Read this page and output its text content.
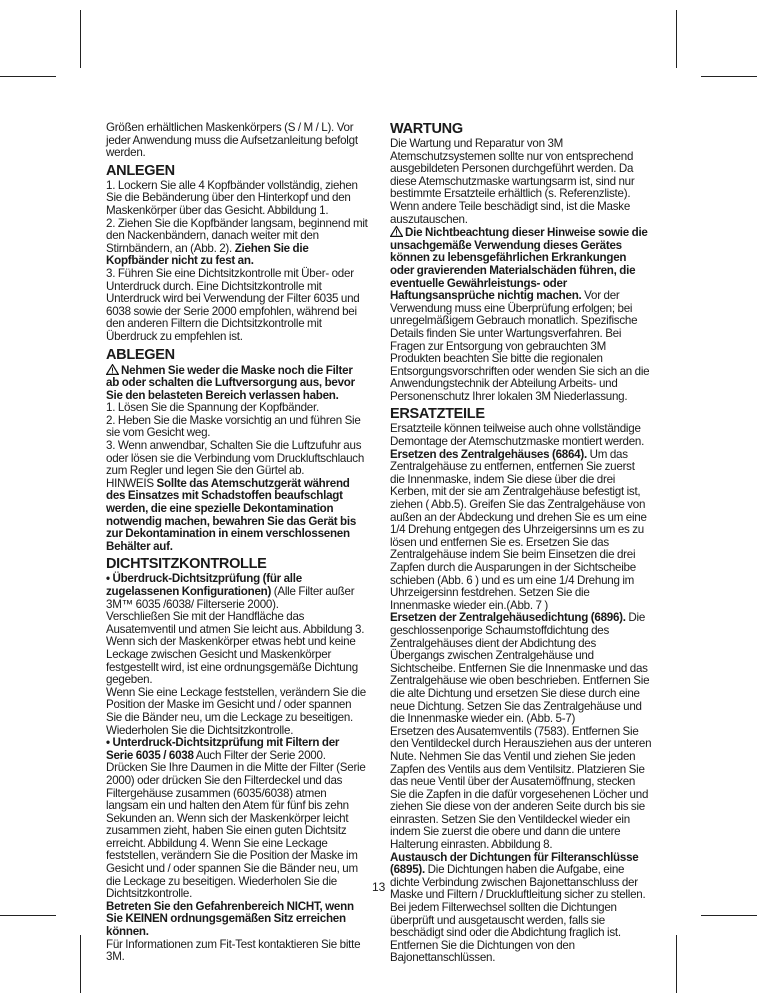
Größen erhältlichen Maskenkörpers (S / M / L). Vor jeder Anwendung muss die Aufsetzanleitung befolgt werden.

ANLEGEN

1. Lockern Sie alle 4 Kopfbänder vollständig, ziehen Sie die Bebänderung über den Hinterkopf und den Maskenkörper über das Gesicht. Abbildung 1.

2. Ziehen Sie die Kopfbänder langsam, beginnend mit den Nackenbändern, danach weiter mit den Stirnbändern, an (Abb. 2). Ziehen Sie die Kopfbänder nicht zu fest an.

3. Führen Sie eine Dichtsitzkontrolle mit Über- oder Unterdruck durch. Eine Dichtsitzkontrolle mit Unterdruck wird bei Verwendung der Filter 6035 und 6038 sowie der Serie 2000 empfohlen, während bei den anderen Filtern die Dichtsitzkontrolle mit Überdruck zu empfehlen ist.

ABLEGEN

Nehmen Sie weder die Maske noch die Filter ab oder schalten die Luftversorgung aus, bevor Sie den belasteten Bereich verlassen haben.

1. Lösen Sie die Spannung der Kopfbänder.

2. Heben Sie die Maske vorsichtig an und führen Sie sie vom Gesicht weg.

3. Wenn anwendbar, Schalten Sie die Luftzufuhr aus oder lösen sie die Verbindung vom Druckluftschlauch zum Regler und legen Sie den Gürtel ab.

HINWEIS Sollte das Atemschutzgerät während des Einsatzes mit Schadstoffen beaufschlagt werden, die eine spezielle Dekontamination notwendig machen, bewahren Sie das Gerät bis zur Dekontamination in einem verschlossenen Behälter auf.

DICHTSITZKONTROLLE

• Überdruck-Dichtsitzprüfung (für alle zugelassenen Konfigurationen) (Alle Filter außer 3M™ 6035 /6038/ Filterserie 2000).

Verschließen Sie mit der Handfläche das Ausatemventil und atmen Sie leicht aus. Abbildung 3.

Wenn sich der Maskenkörper etwas hebt und keine Leckage zwischen Gesicht und Maskenkörper festgestellt wird, ist eine ordnungsgemäße Dichtung gegeben.

Wenn Sie eine Leckage feststellen, verändern Sie die Position der Maske im Gesicht und / oder spannen Sie die Bänder neu, um die Leckage zu beseitigen.

Wiederholen Sie die Dichtsitzkontrolle.

• Unterdruck-Dichtsitzprüfung mit Filtern der Serie 6035 / 6038 Auch Filter der Serie 2000.

Drücken Sie Ihre Daumen in die Mitte der Filter (Serie 2000) oder drücken Sie den Filterdeckel und das Filtergehäuse zusammen (6035/6038) atmen langsam ein und halten den Atem für fünf bis zehn Sekunden an. Wenn sich der Maskenkörper leicht zusammen zieht, haben Sie einen guten Dichtsitz erreicht. Abbildung 4. Wenn Sie eine Leckage feststellen, verändern Sie die Position der Maske im Gesicht und / oder spannen Sie die Bänder neu, um die Leckage zu beseitigen. Wiederholen Sie die Dichtsitzkontrolle.

Betreten Sie den Gefahrenbereich NICHT, wenn Sie KEINEN ordnungsgemäßen Sitz erreichen können.

Für Informationen zum Fit-Test kontaktieren Sie bitte 3M.

WARTUNG

Die Wartung und Reparatur von 3M Atemschutzsystemen sollte nur von entsprechend ausgebildeten Personen durchgeführt werden. Da diese Atemschutzmaske wartungsarm ist, sind nur bestimmte Ersatzteile erhältlich (s. Referenzliste). Wenn andere Teile beschädigt sind, ist die Maske auszutauschen.

Die Nichtbeachtung dieser Hinweise sowie die unsachgemäße Verwendung dieses Gerätes können zu lebensgefährlichen Erkrankungen oder gravierenden Materialschäden führen, die eventuelle Gewährleistungs- oder Haftungsansprüche nichtig machen. Vor der Verwendung muss eine Überprüfung erfolgen; bei unregelmäßigem Gebrauch monatlich. Spezifische Details finden Sie unter Wartungsverfahren. Bei Fragen zur Entsorgung von gebrauchten 3M Produkten beachten Sie bitte die regionalen Entsorgungsvorschriften oder wenden Sie sich an die Anwendungstechnik der Abteilung Arbeits- und Personenschutz Ihrer lokalen 3M Niederlassung.

ERSATZTEILE

Ersatzteile können teilweise auch ohne vollständige Demontage der Atemschutzmaske montiert werden.

Ersetzen des Zentralgehäuses (6864). Um das Zentralgehäuse zu entfernen, entfernen Sie zuerst die Innenmaske, indem Sie diese über die drei Kerben, mit der sie am Zentralgehäuse befestigt ist, ziehen ( Abb.5). Greifen Sie das Zentralgehäuse von außen an der Abdeckung und drehen Sie es um eine 1/4 Drehung entgegen des Uhrzeigersinns um es zu lösen und entfernen Sie es. Ersetzen Sie das Zentralgehäuse indem Sie beim Einsetzen die drei Zapfen durch die Ausparungen in der Sichtscheibe schieben (Abb. 6 ) und es um eine 1/4 Drehung im Uhrzeigersinn festdrehen. Setzen Sie die Innenmaske wieder ein.(Abb. 7 )

Ersetzen der Zentralgehäusedichtung (6896). Die geschlossenporige Schaumstoffdichtung des Zentralgehäuses dient der Abdichtung des Übergangs zwischen Zentralgehäuse und Sichtscheibe. Entfernen Sie die Innenmaske und das Zentralgehäuse wie oben beschrieben. Entfernen Sie die alte Dichtung und ersetzen Sie diese durch eine neue Dichtung. Setzen Sie das Zentralgehäuse und die Innenmaske wieder ein. (Abb. 5-7)

Ersetzen des Ausatemventils (7583). Entfernen Sie den Ventildeckel durch Herausziehen aus der unteren Nute. Nehmen Sie das Ventil und ziehen Sie jeden Zapfen des Ventils aus dem Ventilsitz. Platzieren Sie das neue Ventil über der Ausatemöffnung, stecken Sie die Zapfen in die dafür vorgesehenen Löcher und ziehen Sie diese von der anderen Seite durch bis sie einrasten. Setzen Sie den Ventildeckel wieder ein indem Sie zuerst die obere und dann die untere Halterung einrasten. Abbildung 8.

Austausch der Dichtungen für Filteranschlüsse (6895). Die Dichtungen haben die Aufgabe, eine dichte Verbindung zwischen Bajonettanschluss der Maske und Filtern / Druckluftleitung sicher zu stellen. Bei jedem Filterwechsel sollten die Dichtungen überprüft und ausgetauscht werden, falls sie beschädigt sind oder die Abdichtung fraglich ist. Entfernen Sie die Dichtungen von den Bajonettanschlüssen.

13
